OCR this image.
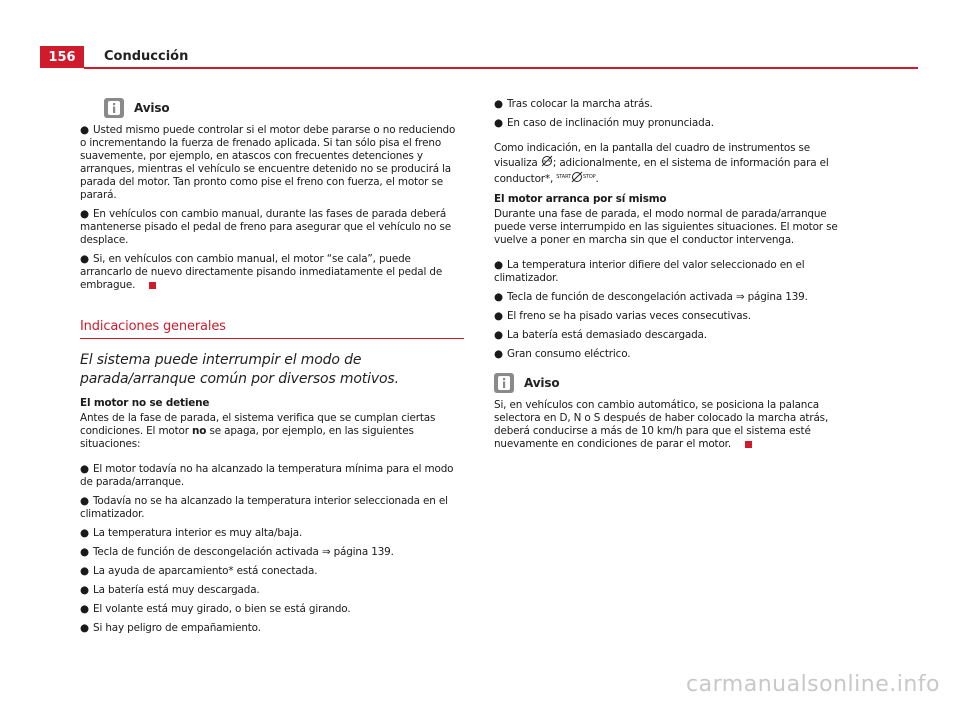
156	Conducción
Aviso
● Usted mismo puede controlar si el motor debe pararse o no reduciendo o incrementando la fuerza de frenado aplicada. Si tan sólo pisa el freno suavemente, por ejemplo, en atascos con frecuentes detenciones y arranques, mientras el vehículo se encuentre detenido no se producirá la parada del motor. Tan pronto como pise el freno con fuerza, el motor se parará.
● En vehículos con cambio manual, durante las fases de parada deberá mantenerse pisado el pedal de freno para asegurar que el vehículo no se desplace.
● Si, en vehículos con cambio manual, el motor “se cala”, puede arrancarlo de nuevo directamente pisando inmediatamente el pedal de embrague.
Indicaciones generales
El sistema puede interrumpir el modo de parada/arranque común por diversos motivos.
El motor no se detiene

Antes de la fase de parada, el sistema verifica que se cumplan ciertas condiciones. El motor no se apaga, por ejemplo, en las siguientes situaciones:

● El motor todavía no ha alcanzado la temperatura mínima para el modo de parada/arranque.
● Todavía no se ha alcanzado la temperatura interior seleccionada en el climatizador.
● La temperatura interior es muy alta/baja.
● Tecla de función de descongelación activada ⇒ página 139.
● La ayuda de aparcamiento* está conectada.
● La batería está muy descargada.
● El volante está muy girado, o bien se está girando.
● Si hay peligro de empañamiento.
● Tras colocar la marcha atrás.
● En caso de inclinación muy pronunciada.

Como indicación, en la pantalla del cuadro de instrumentos se visualiza ; adicionalmente, en el sistema de información para el conductor*, $^{START}$ $^{STOP}$.

El motor arranca por sí mismo

Durante una fase de parada, el modo normal de parada/arranque puede verse interrumpido en las siguientes situaciones. El motor se vuelve a poner en marcha sin que el conductor intervenga.

● La temperatura interior difiere del valor seleccionado en el climatizador.
● Tecla de función de descongelación activada ⇒ página 139.
● El freno se ha pisado varias veces consecutivas.
● La batería está demasiado descargada.
● Gran consumo eléctrico.
Aviso

Si, en vehículos con cambio automático, se posiciona la palanca selectora en D, N o S después de haber colocado la marcha atrás, deberá conducirse a más de 10 km/h para que el sistema esté nuevamente en condiciones de parar el motor.

carmanualsonline.info
